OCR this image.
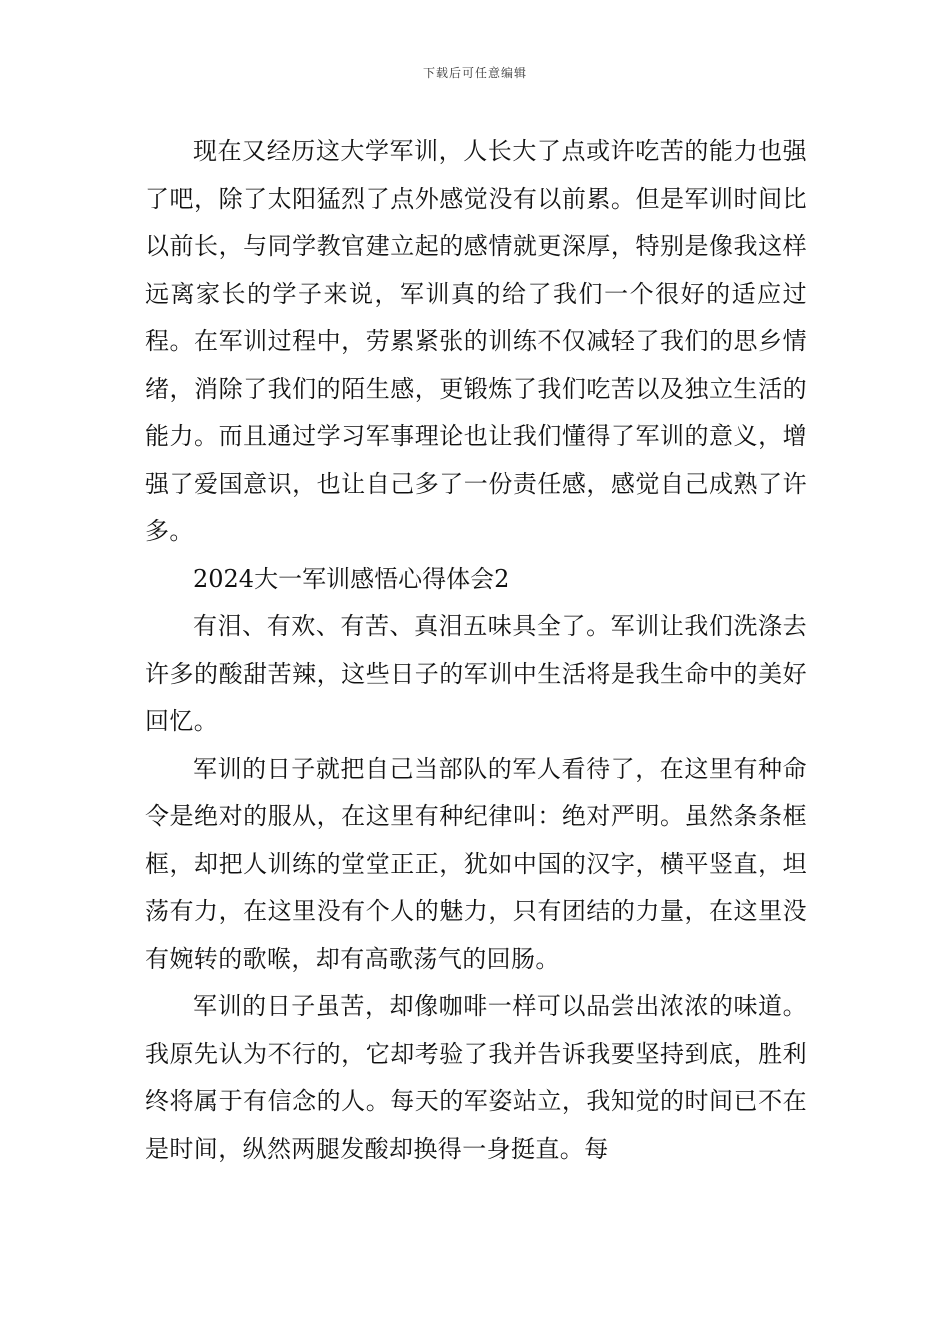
下载后可任意编辑

现在又经历这大学军训，人长大了点或许吃苦的能力也强了吧，除了太阳猛烈了点外感觉没有以前累。但是军训时间比以前长，与同学教官建立起的感情就更深厚，特别是像我这样远离家长的学子来说，军训真的给了我们一个很好的适应过程。在军训过程中，劳累紧张的训练不仅减轻了我们的思乡情绪，消除了我们的陌生感，更锻炼了我们吃苦以及独立生活的能力。而且通过学习军事理论也让我们懂得了军训的意义，增强了爱国意识，也让自己多了一份责任感，感觉自己成熟了许多。

2024大一军训感悟心得体会2

有泪、有欢、有苦、真泪五味具全了。军训让我们洗涤去许多的酸甜苦辣，这些日子的军训中生活将是我生命中的美好回忆。

军训的日子就把自己当部队的军人看待了，在这里有种命令是绝对的服从，在这里有种纪律叫：绝对严明。虽然条条框框，却把人训练的堂堂正正，犹如中国的汉字，横平竖直，坦荡有力，在这里没有个人的魅力，只有团结的力量，在这里没有婉转的歌喉，却有高歌荡气的回肠。

军训的日子虽苦，却像咖啡一样可以品尝出浓浓的味道。我原先认为不行的，它却考验了我并告诉我要坚持到底，胜利终将属于有信念的人。每天的军姿站立，我知觉的时间已不在是时间，纵然两腿发酸却换得一身挺直。每
